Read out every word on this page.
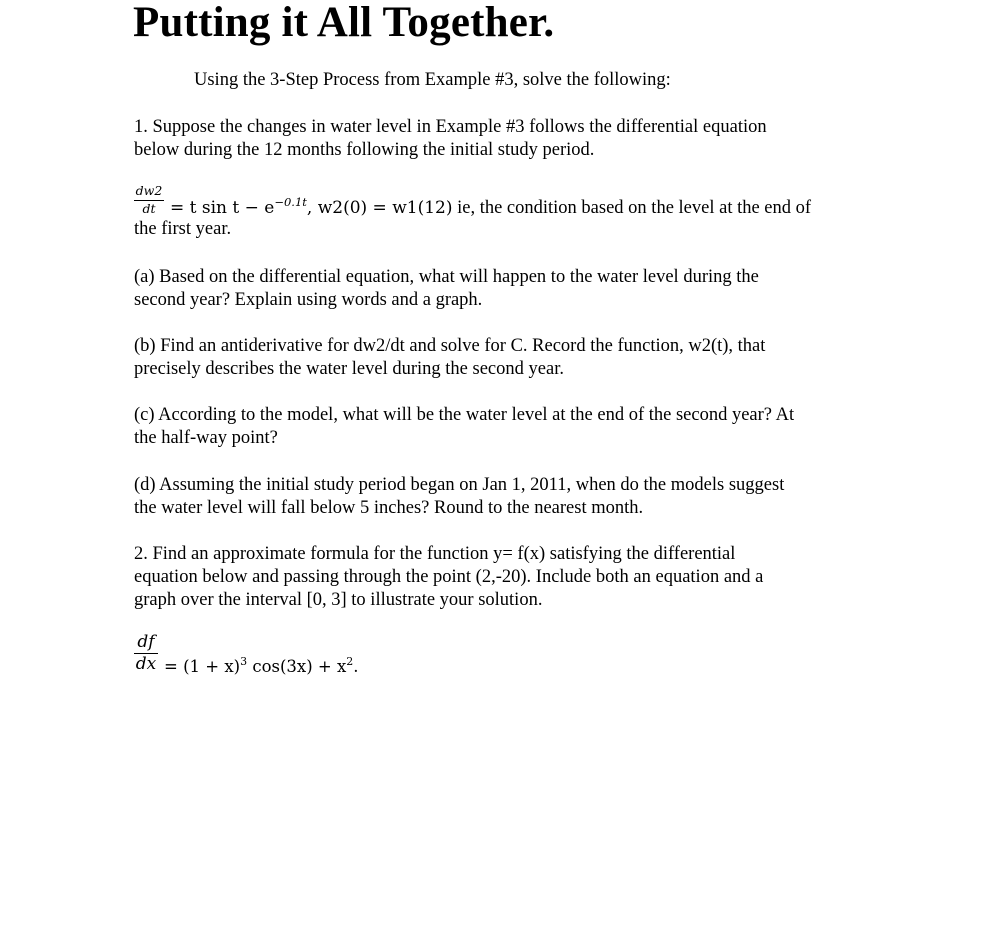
Putting it All Together.
Using the 3-Step Process from Example #3, solve the following:
1. Suppose the changes in water level in Example #3 follows the differential equation
below during the 12 months following the initial study period.
dw2
dt = t $\sin t - e^{-0.1t}$, w2(0) = w1(12) ie, the condition based on the level at the end of
the first year.
(a) Based on the differential equation, what will happen to the water level during the
second year? Explain using words and a graph.
(b) Find an antiderivative for dw2/dt and solve for C. Record the function, w2(t), that
precisely describes the water level during the second year.
(c) According to the model, what will be the water level at the end of the second year? At
the half-way point?
(d) Assuming the initial study period began on Jan 1, 2011, when do the models suggest
the water level will fall below 5 inches? Round to the nearest month.
2. Find an approximate formula for the function y= f(x) satisfying the differential
equation below and passing through the point (2,-20). Include both an equation and a
graph over the interval [0, 3] to illustrate your solution.
df
dx = $(1 + x)^3$ $\cos(3x) + x^2$.
